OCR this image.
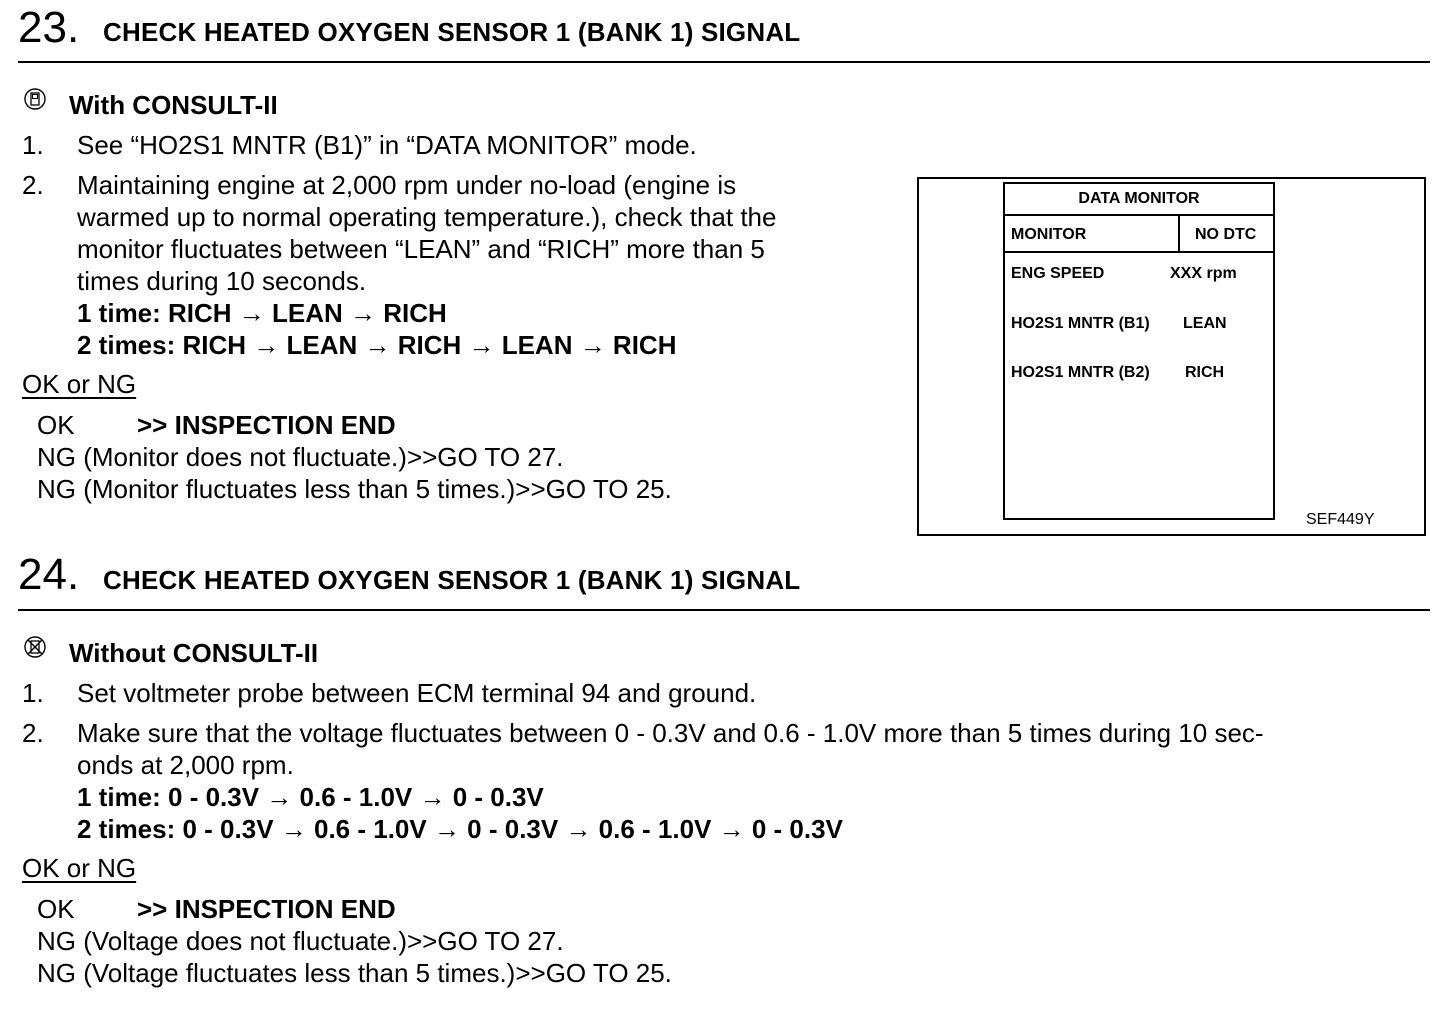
23. CHECK HEATED OXYGEN SENSOR 1 (BANK 1) SIGNAL
With CONSULT-II
1. See “HO2S1 MNTR (B1)” in “DATA MONITOR” mode.
2. Maintaining engine at 2,000 rpm under no-load (engine is
warmed up to normal operating temperature.), check that the
monitor fluctuates between “LEAN” and “RICH” more than 5
times during 10 seconds.
1 time: RICH → LEAN → RICH
2 times: RICH → LEAN → RICH → LEAN → RICH
OK or NG
OK >> INSPECTION END
NG (Monitor does not fluctuate.)>>GO TO 27.
NG (Monitor fluctuates less than 5 times.)>>GO TO 25.
DATA MONITOR
MONITOR	NO DTC
ENG SPEED	XXX rpm
HO2S1 MNTR (B1) LEAN
HO2S1 MNTR (B2) RICH
SEF449Y
24. CHECK HEATED OXYGEN SENSOR 1 (BANK 1) SIGNAL
Without CONSULT-II
1. Set voltmeter probe between ECM terminal 94 and ground.
2. Make sure that the voltage fluctuates between 0 - 0.3V and 0.6 - 1.0V more than 5 times during 10 sec-
onds at 2,000 rpm.
1 time: 0 - 0.3V → 0.6 - 1.0V → 0 - 0.3V
2 times: 0 - 0.3V → 0.6 - 1.0V → 0 - 0.3V → 0.6 - 1.0V → 0 - 0.3V
OK or NG
OK >> INSPECTION END
NG (Voltage does not fluctuate.)>>GO TO 27.
NG (Voltage fluctuates less than 5 times.)>>GO TO 25.
